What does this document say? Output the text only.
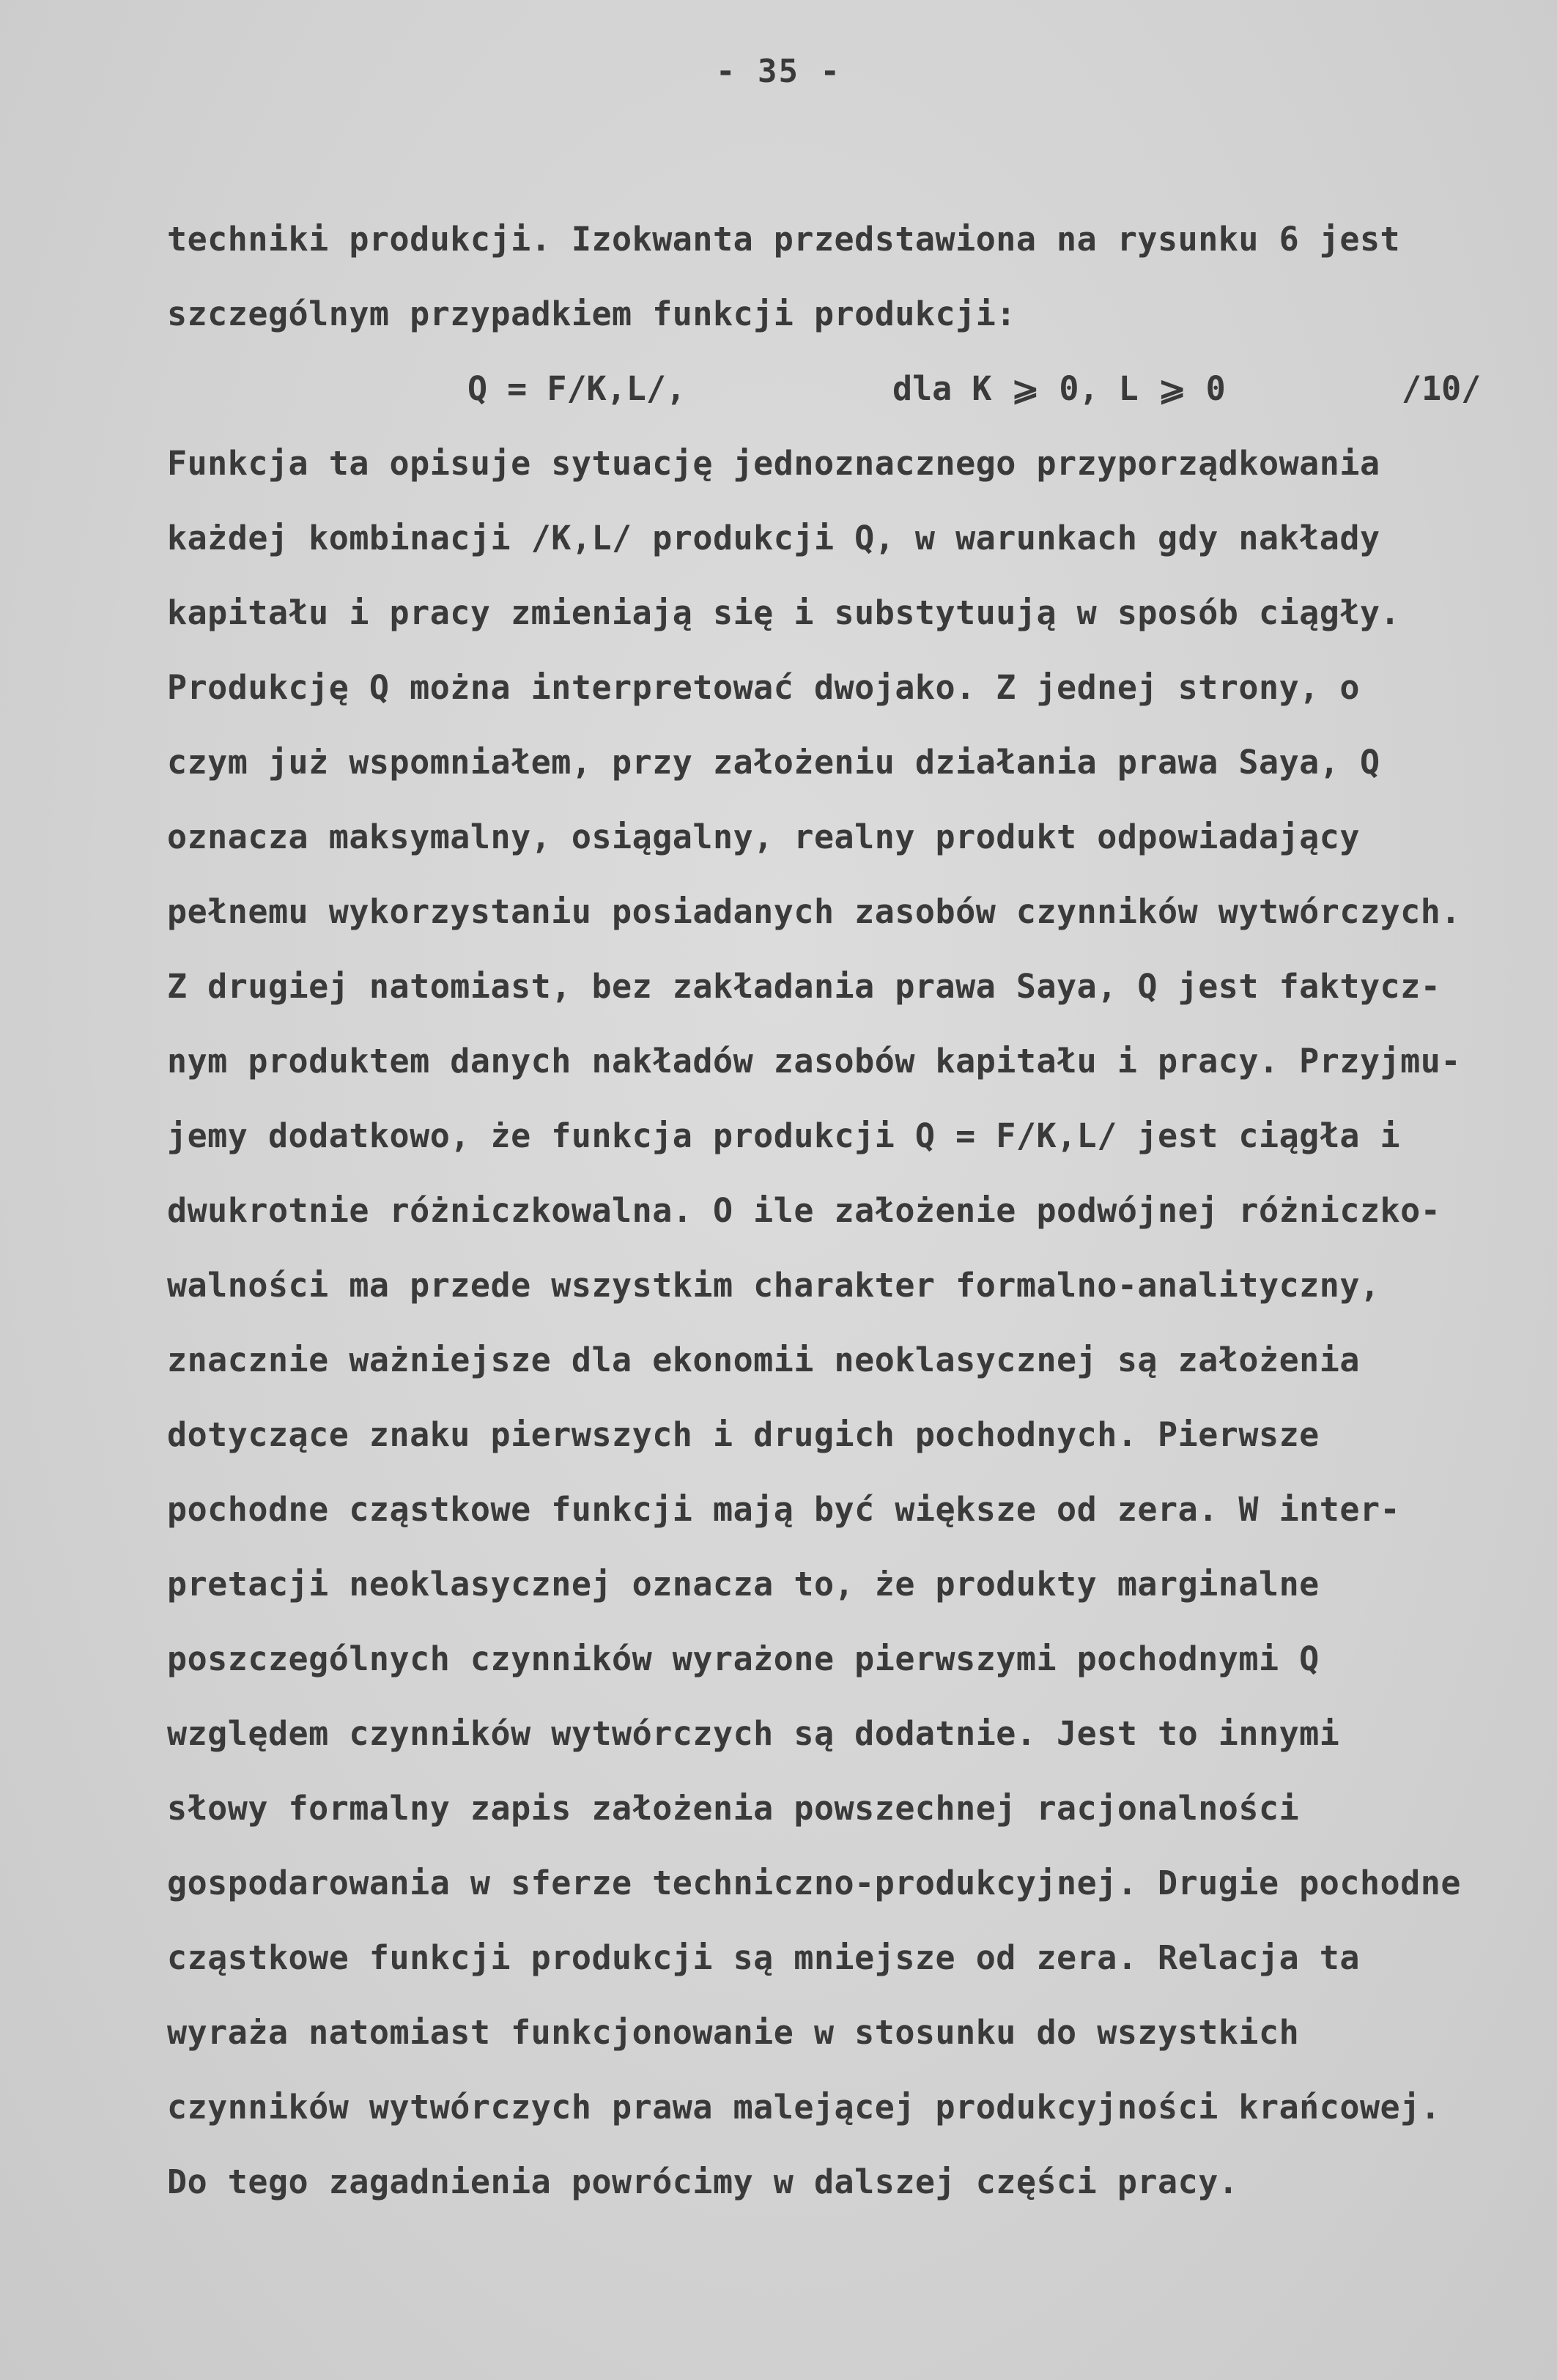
- 35 -
techniki produkcji. Izokwanta przedstawiona na rysunku 6 jest
szczególnym przypadkiem funkcji produkcji:
Q = F/K,L/,	dla K ⩾ 0, L ⩾ 0	/10/
Funkcja ta opisuje sytuację jednoznacznego przyporządkowania
każdej kombinacji /K,L/ produkcji Q, w warunkach gdy nakłady
kapitału i pracy zmieniają się i substytuują w sposób ciągły.
Produkcję Q można interpretować dwojako. Z jednej strony, o
czym już wspomniałem, przy założeniu działania prawa Saya, Q
oznacza maksymalny, osiągalny, realny produkt odpowiadający
pełnemu wykorzystaniu posiadanych zasobów czynników wytwórczych.
Z drugiej natomiast, bez zakładania prawa Saya, Q jest faktycz-
nym produktem danych nakładów zasobów kapitału i pracy. Przyjmu-
jemy dodatkowo, że funkcja produkcji Q = F/K,L/ jest ciągła i
dwukrotnie różniczkowalna. O ile założenie podwójnej różniczko-
walności ma przede wszystkim charakter formalno-analityczny,
znacznie ważniejsze dla ekonomii neoklasycznej są założenia
dotyczące znaku pierwszych i drugich pochodnych. Pierwsze
pochodne cząstkowe funkcji mają być większe od zera. W inter-
pretacji neoklasycznej oznacza to, że produkty marginalne
poszczególnych czynników wyrażone pierwszymi pochodnymi Q
względem czynników wytwórczych są dodatnie. Jest to innymi
słowy formalny zapis założenia powszechnej racjonalności
gospodarowania w sferze techniczno-produkcyjnej. Drugie pochodne
cząstkowe funkcji produkcji są mniejsze od zera. Relacja ta
wyraża natomiast funkcjonowanie w stosunku do wszystkich
czynników wytwórczych prawa malejącej produkcyjności krańcowej.
Do tego zagadnienia powrócimy w dalszej części pracy.
